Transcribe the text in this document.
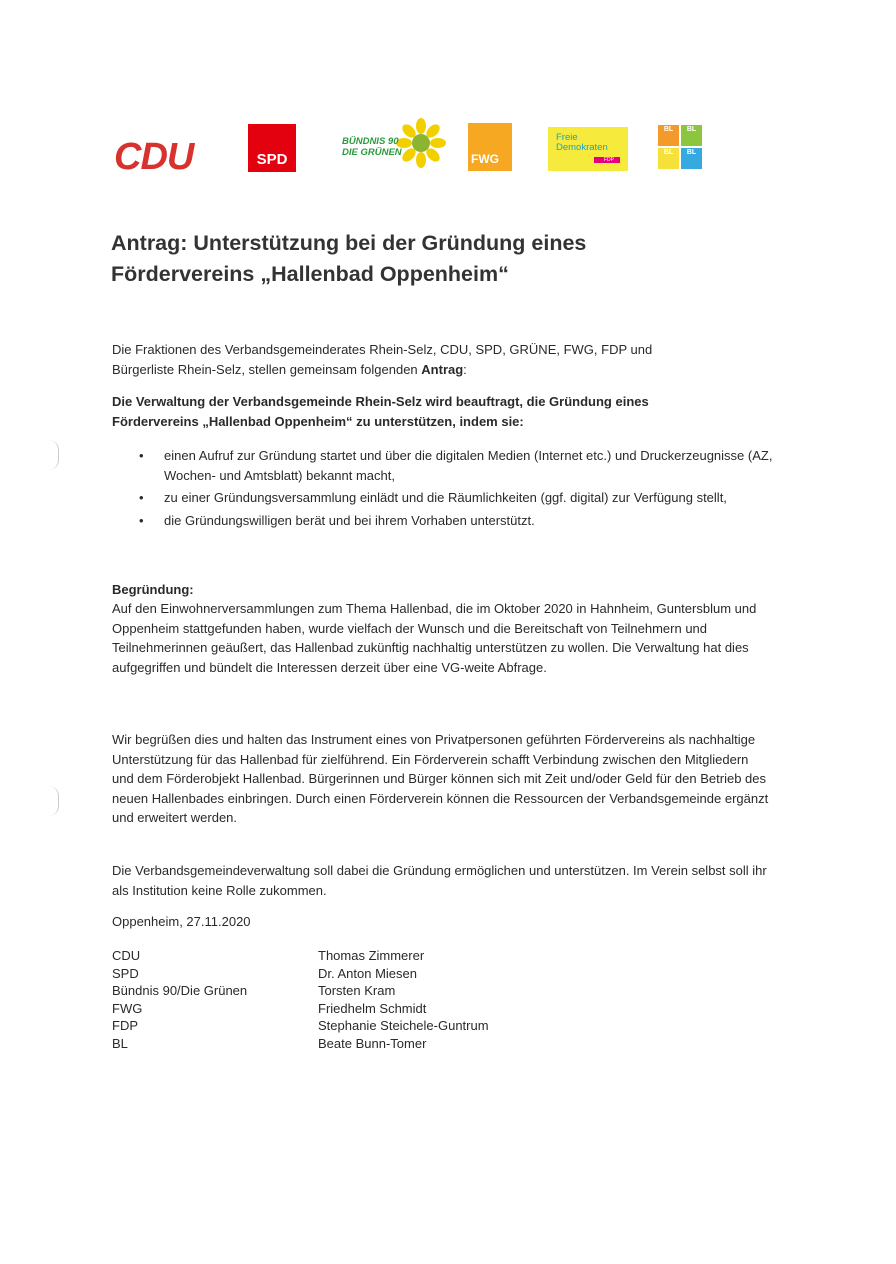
CDU	SPD
BÜNDNIS 90
DIE GRÜNEN	FWG
Freie
Demokraten
FDP
BL	BL
BL	BL
Antrag: Unterstützung bei der Gründung eines
Fördervereins „Hallenbad Oppenheim“

Die Fraktionen des Verbandsgemeinderates Rhein-Selz, CDU, SPD, GRÜNE, FWG, FDP und
Bürgerliste Rhein-Selz, stellen gemeinsam folgenden Antrag:

Die Verwaltung der Verbandsgemeinde Rhein-Selz wird beauftragt, die Gründung eines
Fördervereins „Hallenbad Oppenheim“ zu unterstützen, indem sie:

• einen Aufruf zur Gründung startet und über die digitalen Medien (Internet etc.) und Druckerzeugnisse (AZ, Wochen- und Amtsblatt) bekannt macht,
• zu einer Gründungsversammlung einlädt und die Räumlichkeiten (ggf. digital) zur Verfügung stellt,
• die Gründungswilligen berät und bei ihrem Vorhaben unterstützt.

Begründung:

Auf den Einwohnerversammlungen zum Thema Hallenbad, die im Oktober 2020 in Hahnheim, Guntersblum und Oppenheim stattgefunden haben, wurde vielfach der Wunsch und die Bereitschaft von Teilnehmern und Teilnehmerinnen geäußert, das Hallenbad zukünftig nachhaltig unterstützen zu wollen. Die Verwaltung hat dies aufgegriffen und bündelt die Interessen derzeit über eine VG-weite Abfrage.

Wir begrüßen dies und halten das Instrument eines von Privatpersonen geführten Fördervereins als nachhaltige Unterstützung für das Hallenbad für zielführend. Ein Förderverein schafft Verbindung zwischen den Mitgliedern und dem Förderobjekt Hallenbad. Bürgerinnen und Bürger können sich mit Zeit und/oder Geld für den Betrieb des neuen Hallenbades einbringen. Durch einen Förderverein können die Ressourcen der Verbandsgemeinde ergänzt und erweitert werden.

Die Verbandsgemeindeverwaltung soll dabei die Gründung ermöglichen und unterstützen. Im Verein selbst soll ihr als Institution keine Rolle zukommen.

Oppenheim, 27.11.2020

CDU	Thomas Zimmerer
SPD	Dr. Anton Miesen
Bündnis 90/Die Grünen	Torsten Kram
FWG	Friedhelm Schmidt
FDP	Stephanie Steichele-Guntrum
BL	Beate Bunn-Tomer
